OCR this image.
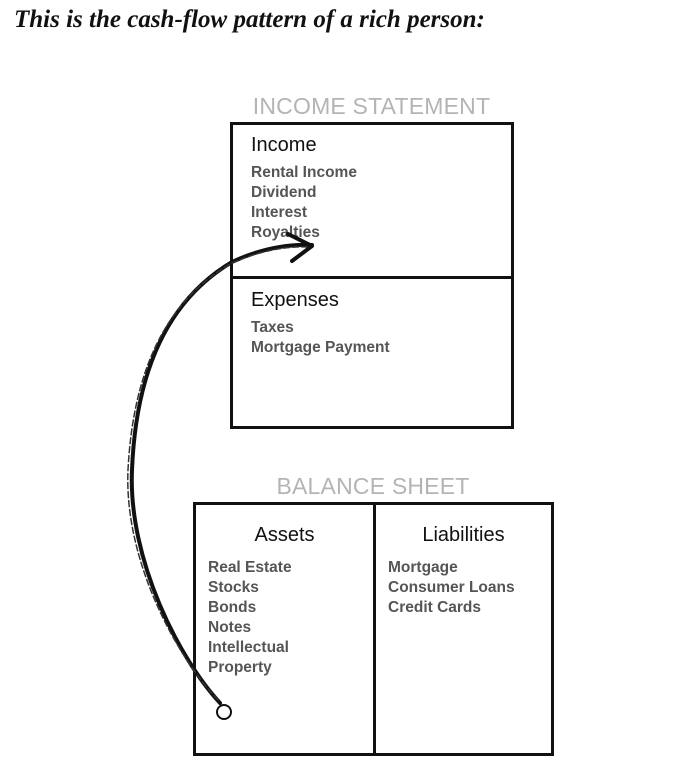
This is the cash-flow pattern of a rich person:
INCOME STATEMENT
Income
Rental Income
Dividend
Interest
Royalties
Expenses
Taxes
Mortgage Payment
BALANCE SHEET
Assets
Real Estate
Stocks
Bonds
Notes
Intellectual
Property
Liabilities
Mortgage
Consumer Loans
Credit Cards
